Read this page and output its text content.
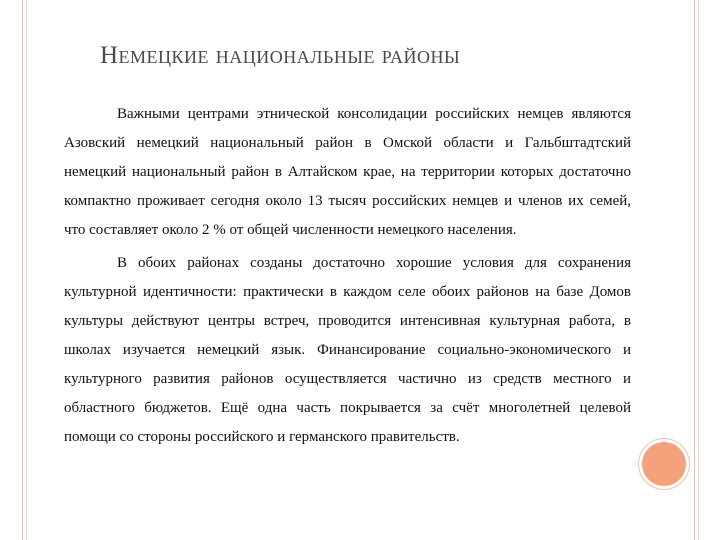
Немецкие национальные районы

Важными центрами этнической консолидации российских немцев являются Азовский немецкий национальный район в Омской области и Гальбштадтский немецкий национальный район в Алтайском крае, на территории которых достаточно компактно проживает сегодня около 13 тысяч российских немцев и членов их семей, что составляет около 2 % от общей численности немецкого населения.

В обоих районах созданы достаточно хорошие условия для сохранения культурной идентичности: практически в каждом селе обоих районов на базе Домов культуры действуют центры встреч, проводится интенсивная культурная работа, в школах изучается немецкий язык. Финансирование социально-экономического и культурного развития районов осуществляется частично из средств местного и областного бюджетов. Ещё одна часть покрывается за счёт многолетней целевой помощи со стороны российского и германского правительств.
